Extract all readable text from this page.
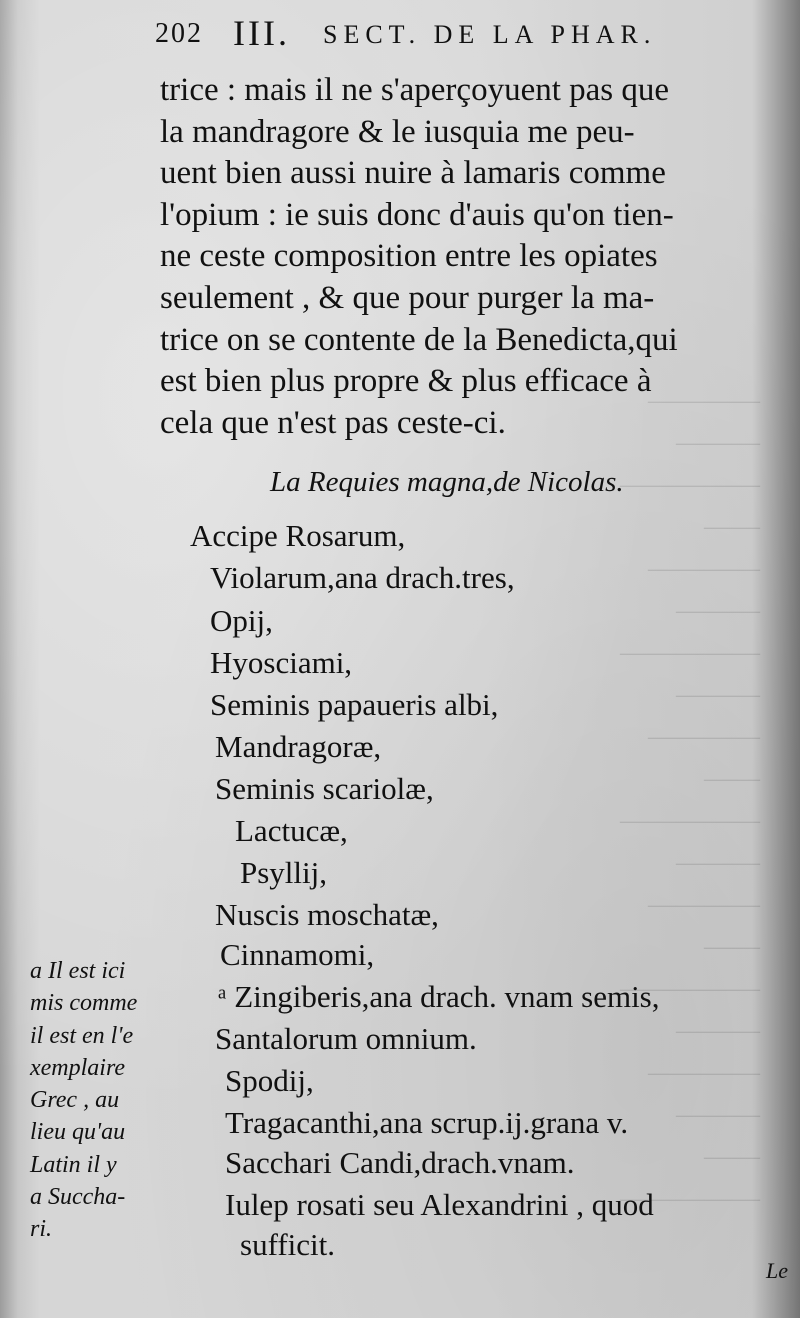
————
———
—————
——
————
———
—————
———
————
——
—————
———
————
——
—————
———
————
———
——
—————
202 III. SECT. DE LA PHAR.
trice : mais il ne s'aperçoyuent pas que
la mandragore & le iusquia me peu-
uent bien aussi nuire à lamaris comme
l'opium : ie suis donc d'auis qu'on tien-
ne ceste composition entre les opiates
seulement , & que pour purger la ma-
trice on se contente de la Benedicta,qui
est bien plus propre & plus efficace à
cela que n'est pas ceste-ci.
La Requies magna,de Nicolas.
Accipe Rosarum,
Violarum,ana drach.tres,
Opij,
Hyosciami,
Seminis papaueris albi,
Mandragoræ,
Seminis scariolæ,
Lactucæ,
Psyllij,
Nuscis moschatæ,
Cinnamomi,
ᵃ Zingiberis,ana drach. vnam semis,
Santalorum omnium.
Spodij,
Tragacanthi,ana scrup.ij.grana v.
Sacchari Candi,drach.vnam.
Iulep rosati seu Alexandrini , quod
sufficit.
a Il est ici
mis comme
il est en l'e
xemplaire
Grec , au
lieu qu'au
Latin il y
a Succha-
ri.
Le
